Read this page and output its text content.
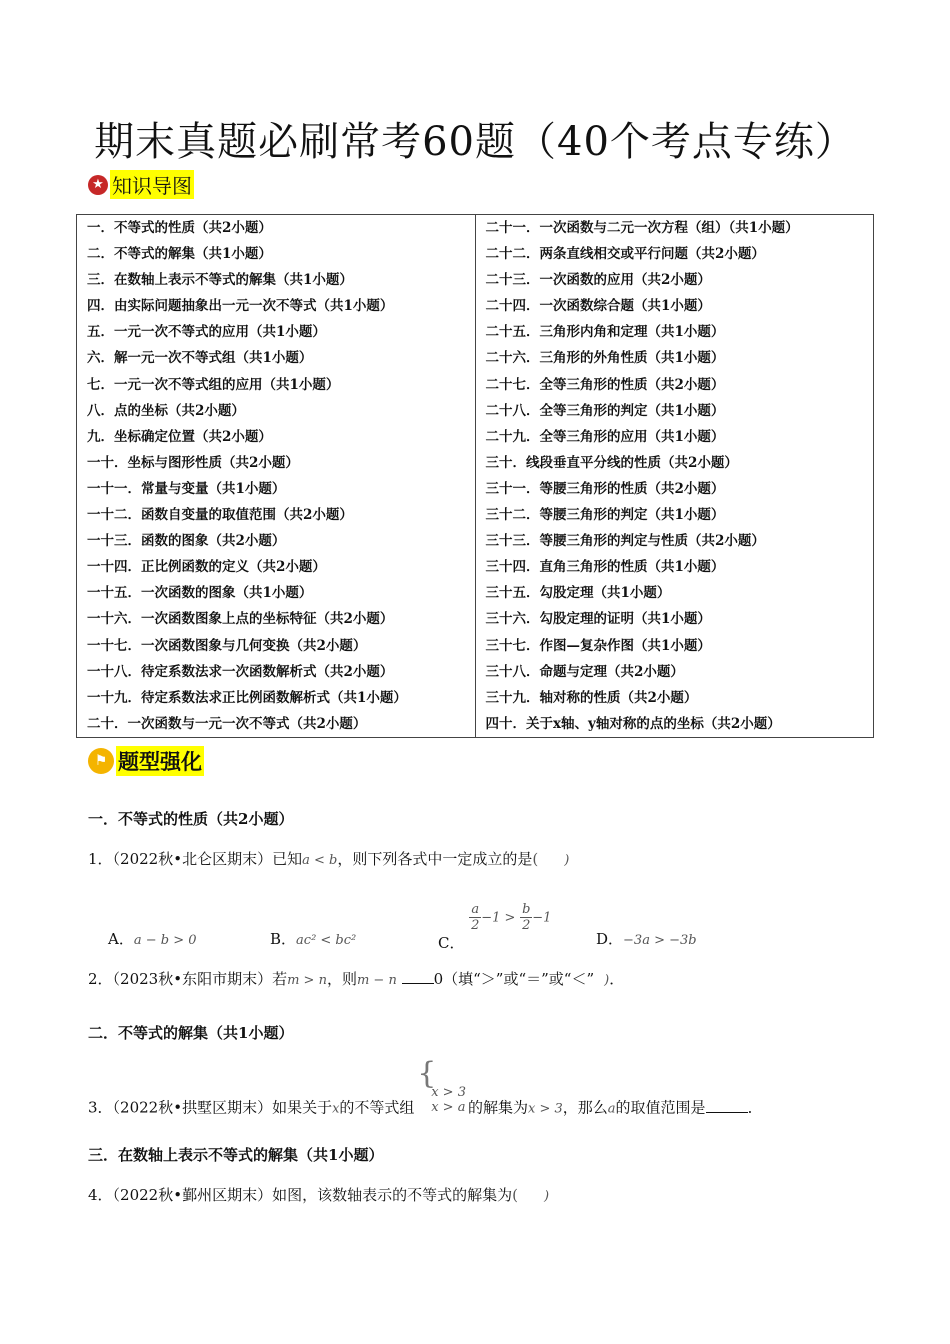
期末真题必刷常考60题（40个考点专练）
★ 知识导图
一．不等式的性质（共2小题）
二．不等式的解集（共1小题）
三．在数轴上表示不等式的解集（共1小题）
四．由实际问题抽象出一元一次不等式（共1小题）
五．一元一次不等式的应用（共1小题）
六．解一元一次不等式组（共1小题）
七．一元一次不等式组的应用（共1小题）
八．点的坐标（共2小题）
九．坐标确定位置（共2小题）
一十．坐标与图形性质（共2小题）
一十一．常量与变量（共1小题）
一十二．函数自变量的取值范围（共2小题）
一十三．函数的图象（共2小题）
一十四．正比例函数的定义（共2小题）
一十五．一次函数的图象（共1小题）
一十六．一次函数图象上点的坐标特征（共2小题）
一十七．一次函数图象与几何变换（共2小题）
一十八．待定系数法求一次函数解析式（共2小题）
一十九．待定系数法求正比例函数解析式（共1小题）
二十．一次函数与一元一次不等式（共2小题）

二十一．一次函数与二元一次方程（组）（共1小题）
二十二．两条直线相交或平行问题（共2小题）
二十三．一次函数的应用（共2小题）
二十四．一次函数综合题（共1小题）
二十五．三角形内角和定理（共1小题）
二十六．三角形的外角性质（共1小题）
二十七．全等三角形的性质（共2小题）
二十八．全等三角形的判定（共1小题）
二十九．全等三角形的应用（共1小题）
三十．线段垂直平分线的性质（共2小题）
三十一．等腰三角形的性质（共2小题）
三十二．等腰三角形的判定（共1小题）
三十三．等腰三角形的判定与性质（共2小题）
三十四．直角三角形的性质（共1小题）
三十五．勾股定理（共1小题）
三十六．勾股定理的证明（共1小题）
三十七．作图—复杂作图（共1小题）
三十八．命题与定理（共2小题）
三十九．轴对称的性质（共2小题）
四十．关于x轴、y轴对称的点的坐标（共2小题）
⚑ 题型强化
一．不等式的性质（共2小题）
1．（2022秋•北仑区期末）已知a < b，则下列各式中一定成立的是()
A．a − b > 0	B．ac² < bc²	C．
$\frac{a}{2} -1 > \frac{b}{2} -1$
D．−3a > −3b
2．（2023秋•东阳市期末）若m > n，则m − n 0（填“＞”或“＝”或“＜” )．
二．不等式的解集（共1小题）
3．（2022秋•拱墅区期末）如果关于x的不等式组
{
x > 3
x > a 的解集为x > 3，那么a的取值范围是	．
三．在数轴上表示不等式的解集（共1小题）
4．（2022秋•鄞州区期末）如图，该数轴表示的不等式的解集为()
